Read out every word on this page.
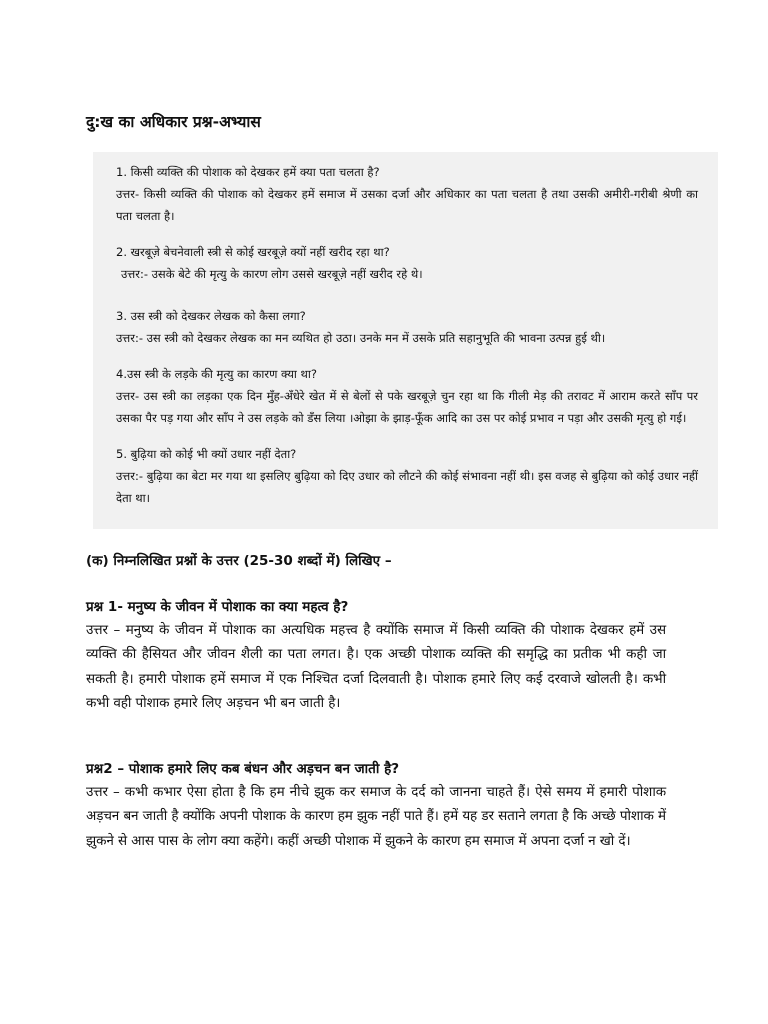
दु:ख का अधिकार प्रश्न-अभ्यास

1. किसी व्यक्ति की पोशाक को देखकर हमें क्या पता चलता है?

उत्तर- किसी व्यक्ति की पोशाक को देखकर हमें समाज में उसका दर्जा और अधिकार का पता चलता है तथा उसकी अमीरी-गरीबी श्रेणी का पता चलता है।

2. खरबूज़े बेचनेवाली स्त्री से कोई खरबूज़े क्यों नहीं खरीद रहा था?

उत्तर:- उसके बेटे की मृत्यु के कारण लोग उससे खरबूज़े नहीं खरीद रहे थे।

3. उस स्त्री को देखकर लेखक को कैसा लगा?

उत्तर:- उस स्त्री को देखकर लेखक का मन व्यथित हो उठा। उनके मन में उसके प्रति सहानुभूति की भावना उत्पन्न हुई थी।

4.उस स्त्री के लड़के की मृत्यु का कारण क्या था?

उत्तर- उस स्त्री का लड़का एक दिन मुँह-अँधेरे खेत में से बेलों से पके खरबूज़े चुन रहा था कि गीली मेड़ की तरावट में आराम करते साँप पर उसका पैर पड़ गया और साँप ने उस लड़के को डँस लिया ।ओझा के झाड़-फूँक आदि का उस पर कोई प्रभाव न पड़ा और उसकी मृत्यु हो गई।

5. बुढ़िया को कोई भी क्यों उधार नहीं देता?

उत्तर:- बुढ़िया का बेटा मर गया था इसलिए बुढ़िया को दिए उधार को लौटने की कोई संभावना नहीं थी। इस वजह से बुढ़िया को कोई उधार नहीं देता था।

(क) निम्नलिखित प्रश्नों के उत्तर (25-30 शब्दों में) लिखिए –

प्रश्न 1- मनुष्य के जीवन में पोशाक का क्या महत्व है?

उत्तर – मनुष्य के जीवन में पोशाक का अत्यधिक महत्त्व है क्योंकि समाज में किसी व्यक्ति की पोशाक देखकर हमें उस व्यक्ति की हैसियत और जीवन शैली का पता लगत। है। एक अच्छी पोशाक व्यक्ति की समृद्धि का प्रतीक भी कही जा सकती है। हमारी पोशाक हमें समाज में एक निश्चित दर्जा दिलवाती है। पोशाक हमारे लिए कई दरवाजे खोलती है। कभी कभी वही पोशाक हमारे लिए अड़चन भी बन जाती है।

प्रश्न2 – पोशाक हमारे लिए कब बंधन और अड़चन बन जाती है?

उत्तर – कभी कभार ऐसा होता है कि हम नीचे झुक कर समाज के दर्द को जानना चाहते हैं। ऐसे समय में हमारी पोशाक अड़चन बन जाती है क्योंकि अपनी पोशाक के कारण हम झुक नहीं पाते हैं। हमें यह डर सताने लगता है कि अच्छे पोशाक में झुकने से आस पास के लोग क्या कहेंगे। कहीं अच्छी पोशाक में झुकने के कारण हम समाज में अपना दर्जा न खो दें।
